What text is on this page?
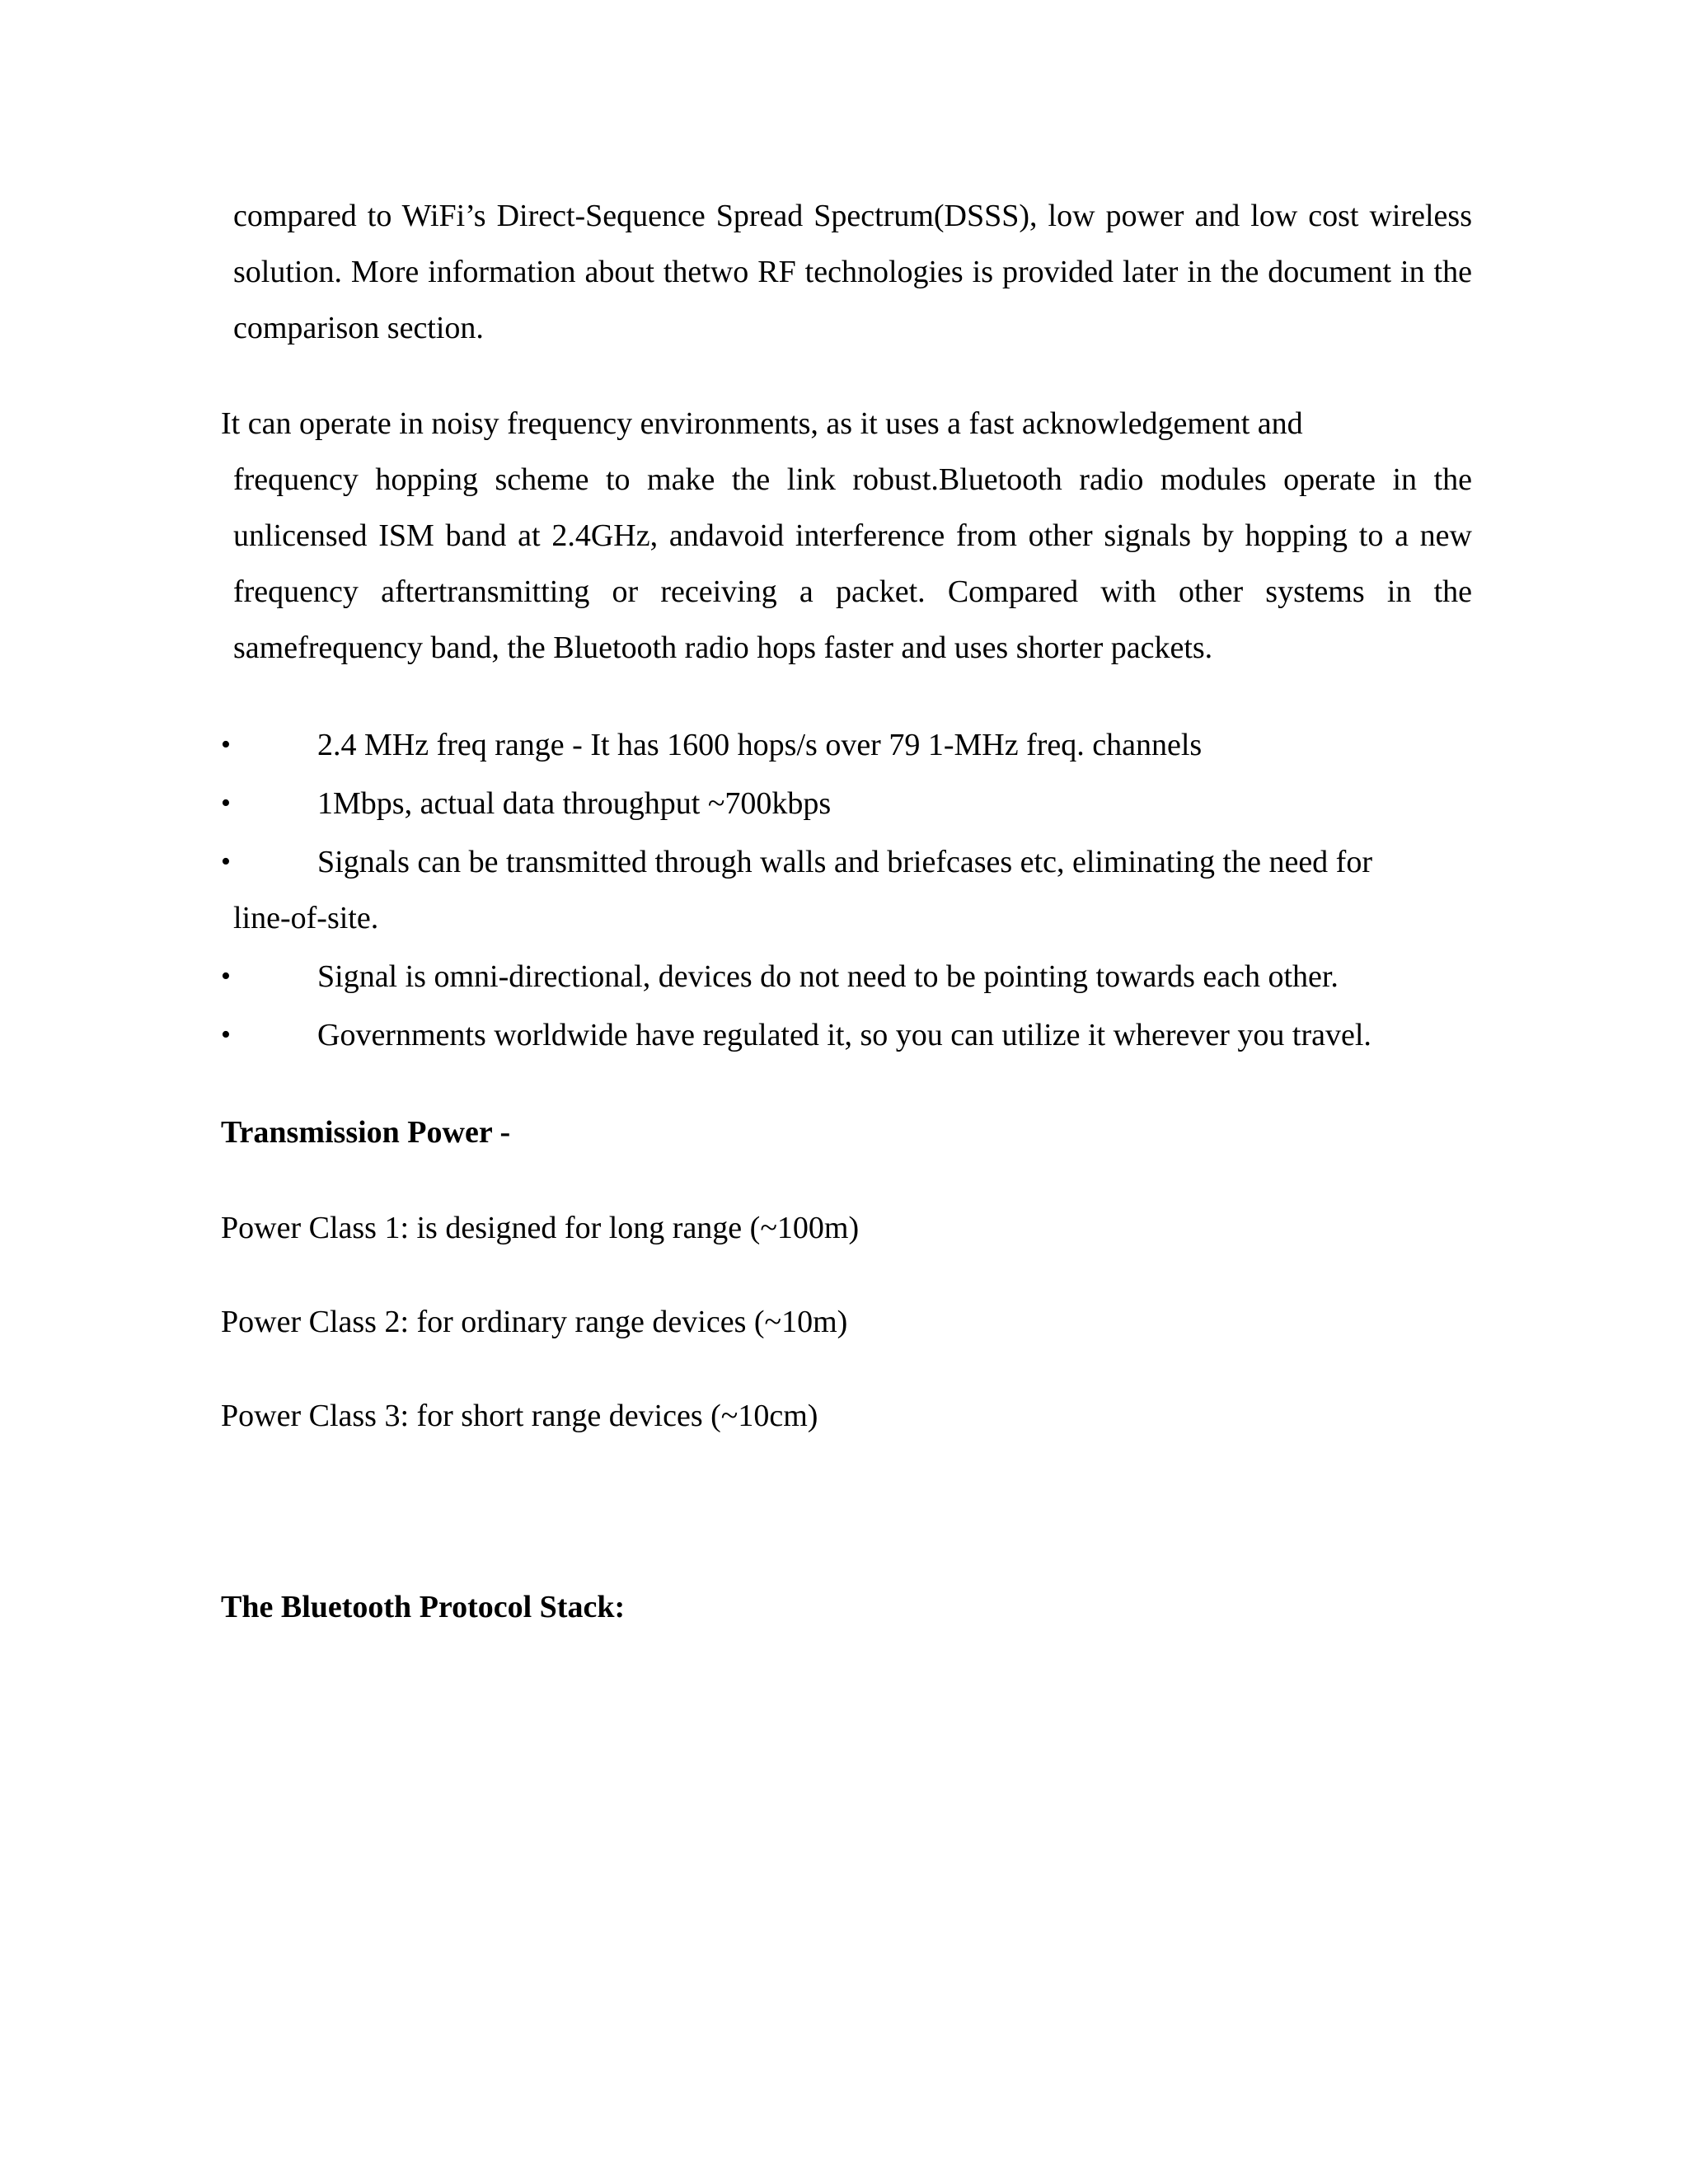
compared to WiFi’s Direct-Sequence Spread Spectrum(DSSS), low power and low cost wireless solution. More information about thetwo RF technologies is provided later in the document in the comparison section.

It can operate in noisy frequency environments, as it uses a fast acknowledgement and
frequency hopping scheme to make the link robust.Bluetooth radio modules operate in the unlicensed ISM band at 2.4GHz, andavoid interference from other signals by hopping to a new frequency aftertransmitting or receiving a packet. Compared with other systems in the samefrequency band, the Bluetooth radio hops faster and uses shorter packets.

•	2.4 MHz freq range - It has 1600 hops/s over 79 1-MHz freq. channels
•	1Mbps, actual data throughput ~700kbps
•	Signals can be transmitted through walls and briefcases etc, eliminating the need for
line-of-site.
•	Signal is omni-directional, devices do not need to be pointing towards each other.
•	Governments worldwide have regulated it, so you can utilize it wherever you travel.
Transmission Power -

Power Class 1: is designed for long range (~100m)

Power Class 2: for ordinary range devices (~10m)

Power Class 3: for short range devices (~10cm)

The Bluetooth Protocol Stack:
